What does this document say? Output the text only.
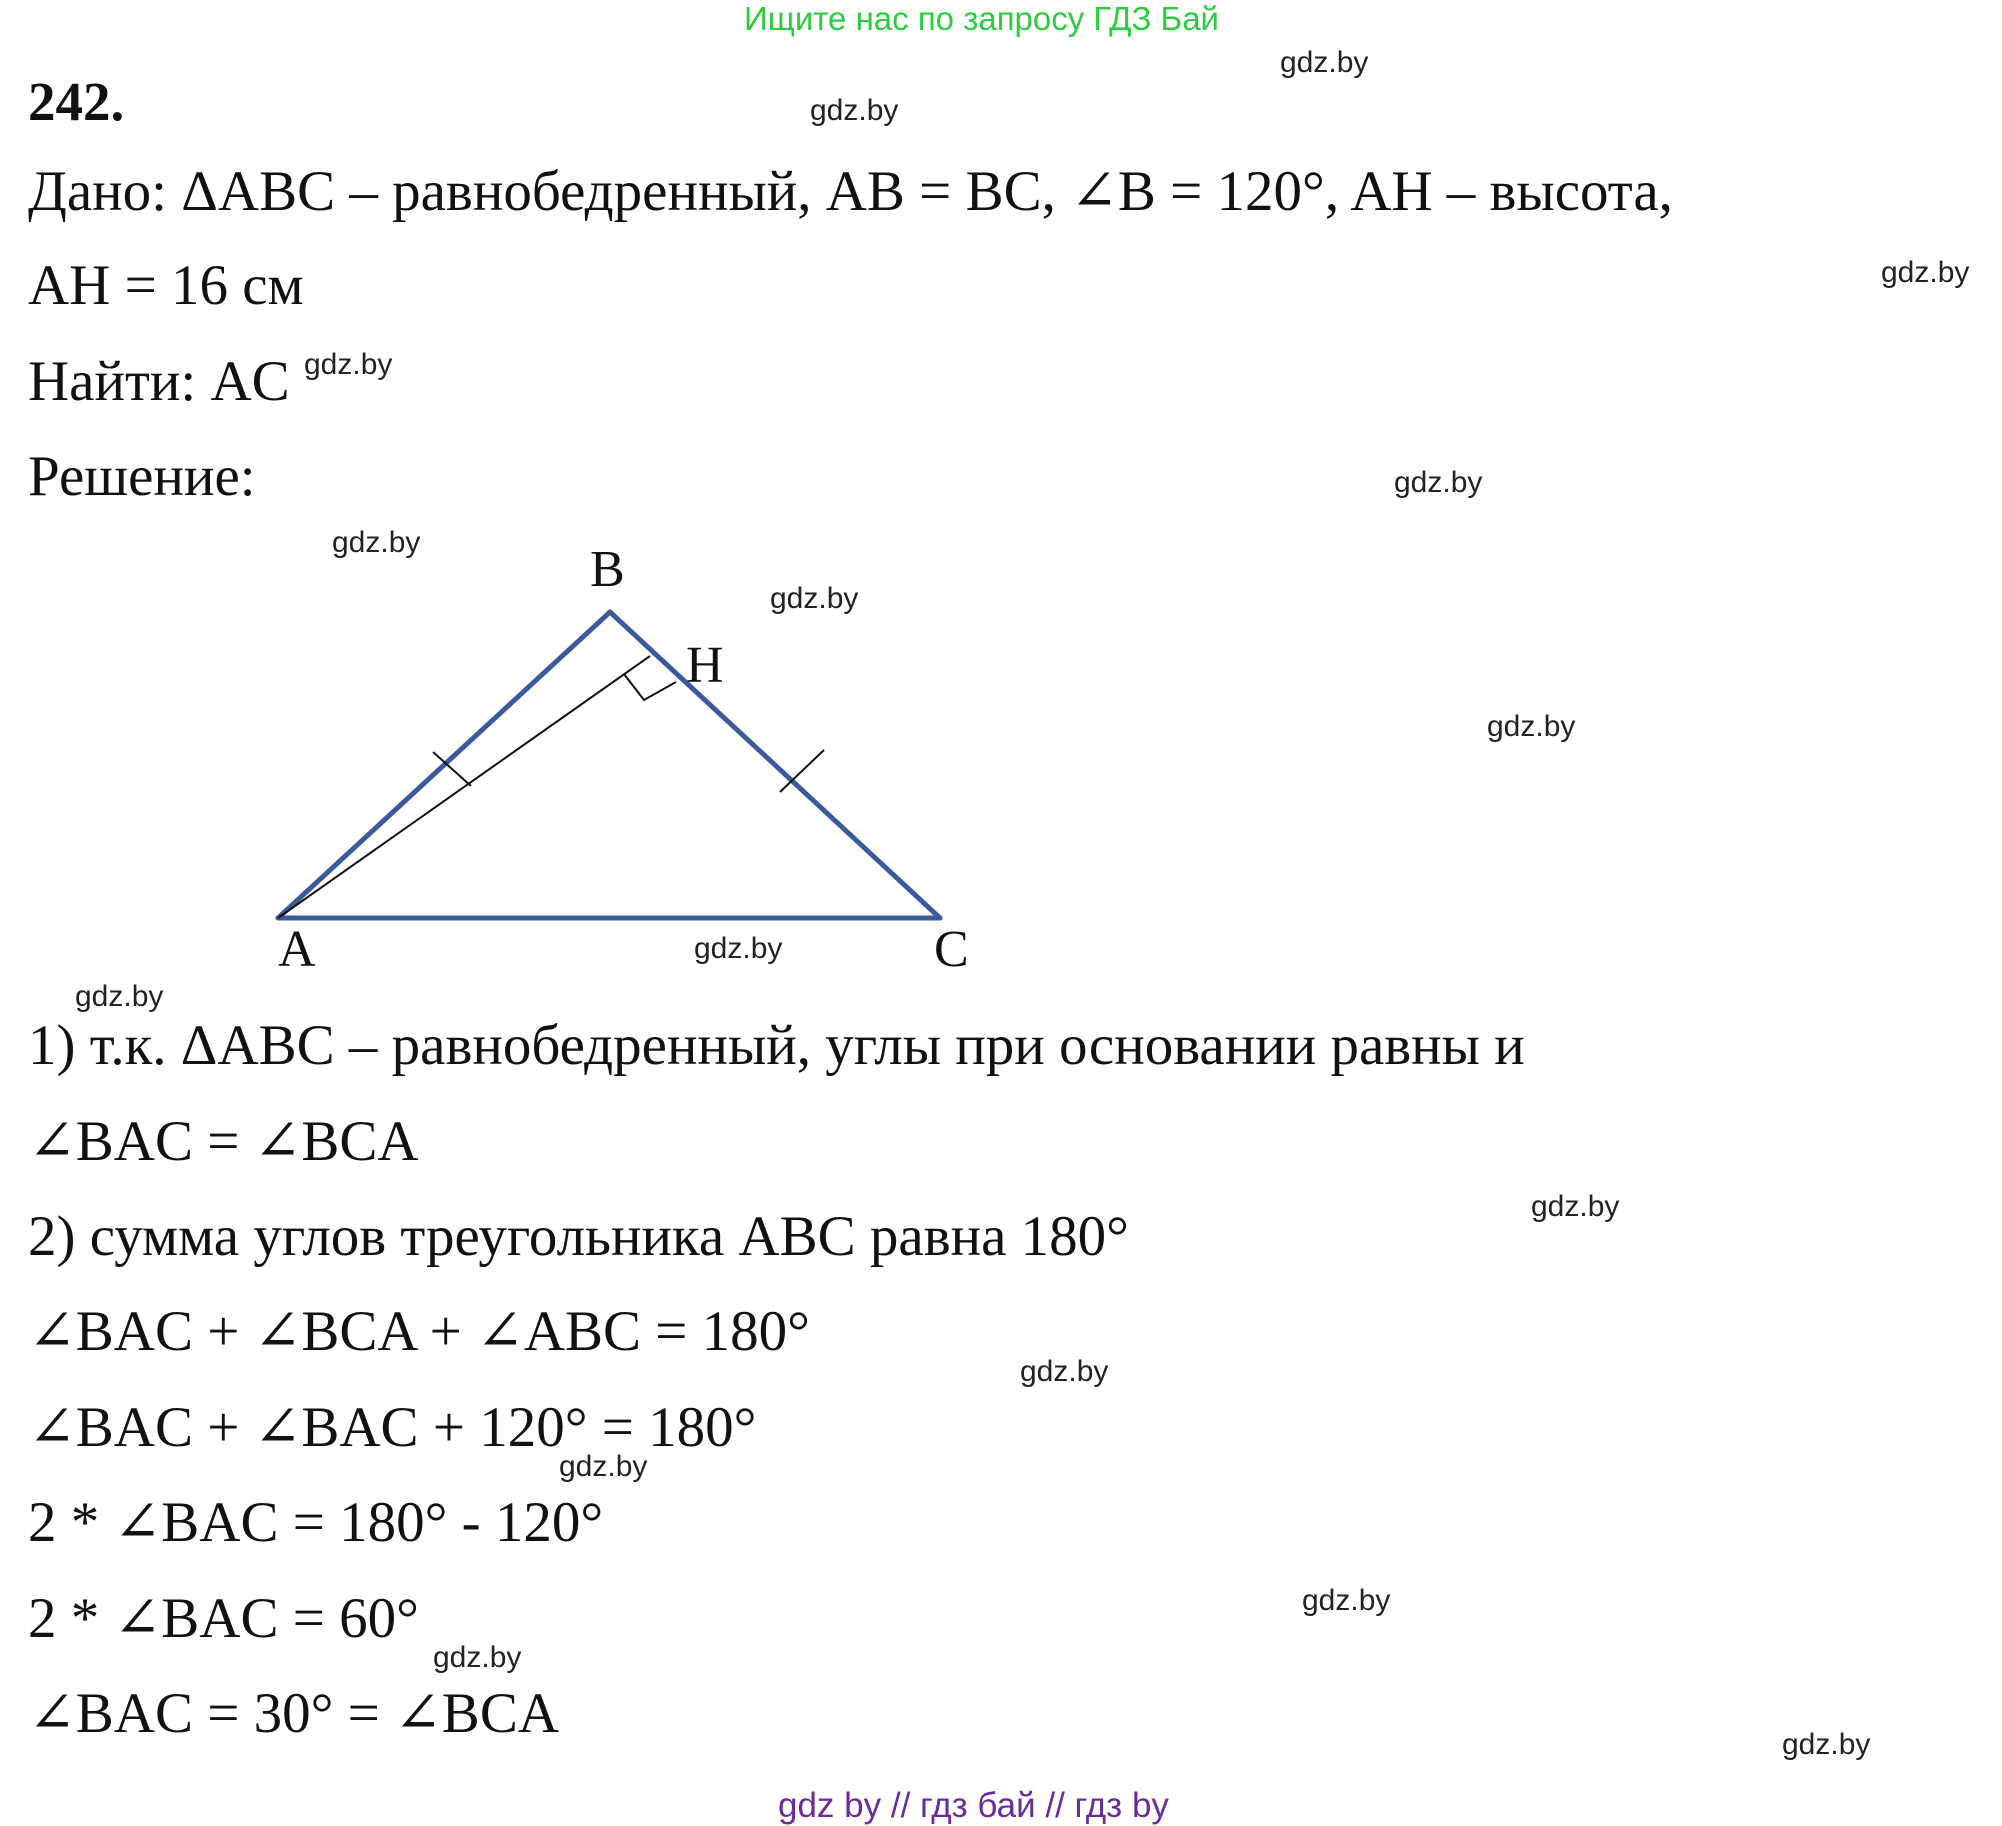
Ищите нас по запросу ГДЗ Бай
242.
Дано: ΔABC – равнобедренный, AB = BC, ∠B = 120°, AH – высота,
AH = 16 см
Найти: AC
Решение:
B
H
A	C
1) т.к. ΔABC – равнобедренный, углы при основании равны и
∠BAC = ∠BCA
2) сумма углов треугольника ABC равна 180°
∠BAC + ∠BCA + ∠ABC = 180°
∠BAC + ∠BAC + 120° = 180°
2 * ∠BAC = 180° - 120°
2 * ∠BAC = 60°
∠BAC = 30° = ∠BCA
gdz.by
gdz.by
gdz.by
gdz.by
gdz.by
gdz.by
gdz.by
gdz.by
gdz.by
gdz.by
gdz.by
gdz.by
gdz.by
gdz.by
gdz.by
gdz.by
gdz by // гдз бай // гдз by
